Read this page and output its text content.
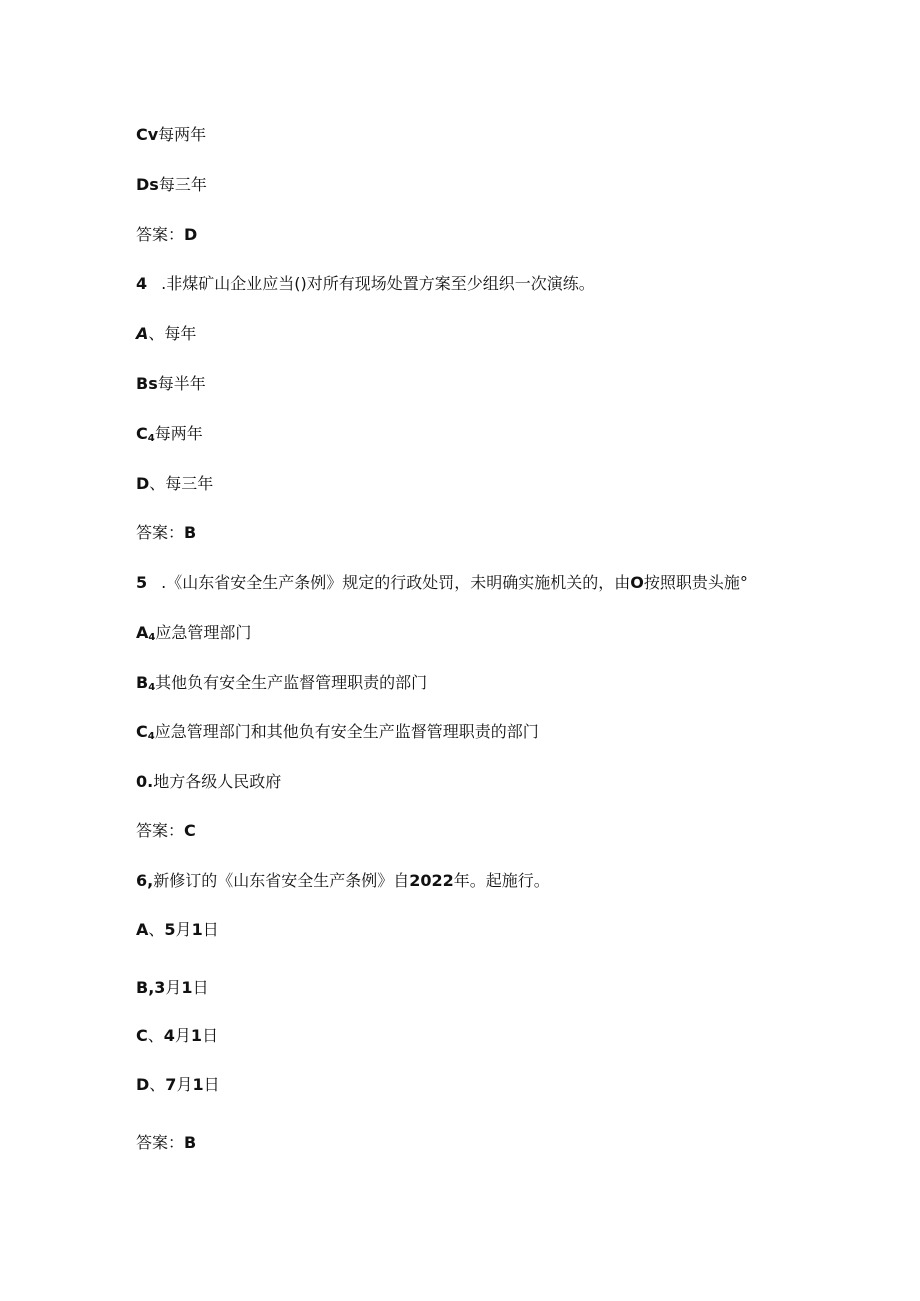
Cv每两年
Ds每三年
答案：D
4 .非煤矿山企业应当()对所有现场处置方案至少组织一次演练。
A、每年
Bs每半年
$C_4$每两年
D、每三年
答案：B
5 .《山东省安全生产条例》规定的行政处罚，未明确实施机关的，由O按照职贵头施°
$A_4$应急管理部门
$B_4$其他负有安全生产监督管理职责的部门
$C_4$应急管理部门和其他负有安全生产监督管理职责的部门
0.地方各级人民政府
答案：C
6,新修订的《山东省安全生产条例》自2022年。起施行。
A、5月1日
B,3月1日
C、4月1日
D、7月1日
答案：B
